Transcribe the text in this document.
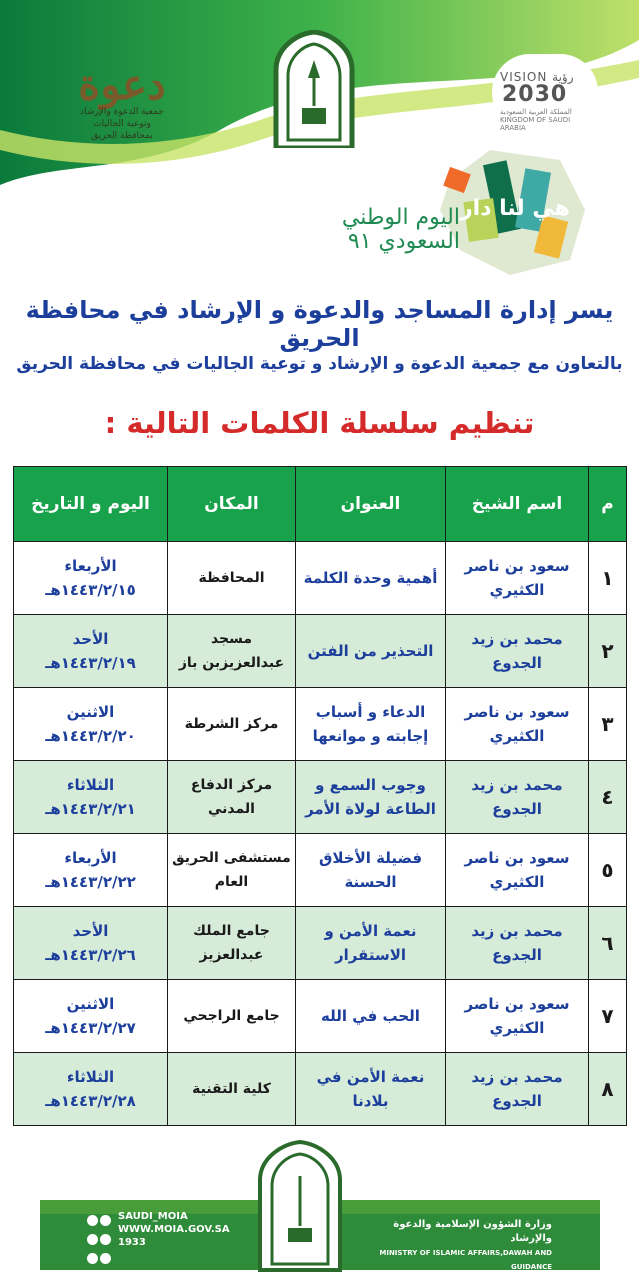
دعوة
جمعية الدعوة والإرشاد
وتوعية الجاليات
بمحافظة الحريق
VISION رؤية
2030
المملكة العربية السعودية KINGDOM OF SAUDI ARABIA
هي لنا دار
اليوم الوطني
السعودي ٩١
يسر إدارة المساجد والدعوة و الإرشاد في محافظة الحريق
بالتعاون مع جمعية الدعوة و الإرشاد و توعية الجاليات في محافظة الحريق
تنظيم سلسلة الكلمات التالية :
م	اسم الشيخ	العنوان	المكان	اليوم و التاريخ
١	سعود بن ناصر الكثيري	أهمية وحدة الكلمة	المحافظة	الأربعاء
١٤٤٣/٢/١٥هـ

٢	محمد بن زيد الجدوع	التحذير من الفتن	مسجد عبدالعزيزبن باز	الأحد
١٤٤٣/٢/١٩هـ

٣	سعود بن ناصر الكثيري	الدعاء و أسباب إجابته و موانعها	مركز الشرطة	الاثنين
١٤٤٣/٢/٢٠هـ

٤	محمد بن زيد الجدوع	وجوب السمع و الطاعة لولاة الأمر	مركز الدفاع المدني	الثلاثاء
١٤٤٣/٢/٢١هـ

٥	سعود بن ناصر الكثيري	فضيلة الأخلاق الحسنة	مستشفى الحريق العام	الأربعاء
١٤٤٣/٢/٢٢هـ

٦	محمد بن زيد الجدوع	نعمة الأمن و الاستقرار	جامع الملك عبدالعزيز	الأحد
١٤٤٣/٢/٢٦هـ

٧	سعود بن ناصر الكثيري	الحب في الله	جامع الراجحي	الاثنين
١٤٤٣/٢/٢٧هـ

٨	محمد بن زيد الجدوع	نعمة الأمن في بلادنا	كلية التقنية	الثلاثاء
١٤٤٣/٢/٢٨هـ

SAUDI_MOIA
WWW.MOIA.GOV.SA
1933
وزارة الشؤون الإسلامية والدعوة والإرشاد
MINISTRY OF ISLAMIC AFFAIRS,DAWAH AND GUIDANCE
